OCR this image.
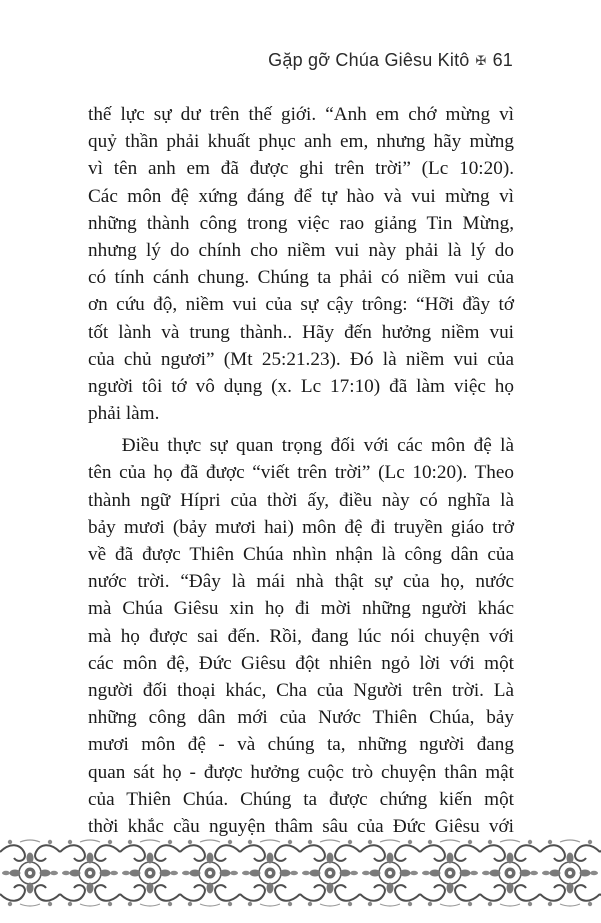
Gặp gỡ Chúa Giêsu Kitô ✠ 61
thế lực sự dư trên thế giới. “Anh em chớ mừng vì
quỷ thần phải khuất phục anh em, nhưng hãy mừng
vì tên anh em đã được ghi trên trời” (Lc 10:20).
Các môn đệ xứng đáng để tự hào và vui mừng vì
những thành công trong việc rao giảng Tin Mừng,
nhưng lý do chính cho niềm vui này phải là lý do
có tính cánh chung. Chúng ta phải có niềm vui của
ơn cứu độ, niềm vui của sự cậy trông: “Hỡi đầy tớ
tốt lành và trung thành.. Hãy đến hưởng niềm vui
của chủ ngươi” (Mt 25:21.23). Đó là niềm vui của
người tôi tớ vô dụng (x. Lc 17:10) đã làm việc họ
phải làm.
Điều thực sự quan trọng đối với các môn đệ là
tên của họ đã được “viết trên trời” (Lc 10:20). Theo
thành ngữ Hípri của thời ấy, điều này có nghĩa là
bảy mươi (bảy mươi hai) môn đệ đi truyền giáo trở
về đã được Thiên Chúa nhìn nhận là công dân của
nước trời. “Đây là mái nhà thật sự của họ, nước
mà Chúa Giêsu xin họ đi mời những người khác
mà họ được sai đến. Rồi, đang lúc nói chuyện với
các môn đệ, Đức Giêsu đột nhiên ngỏ lời với một
người đối thoại khác, Cha của Người trên trời. Là
những công dân mới của Nước Thiên Chúa, bảy
mươi môn đệ - và chúng ta, những người đang
quan sát họ - được hưởng cuộc trò chuyện thân mật
của Thiên Chúa. Chúng ta được chứng kiến một
thời khắc cầu nguyện thâm sâu của Đức Giêsu với
